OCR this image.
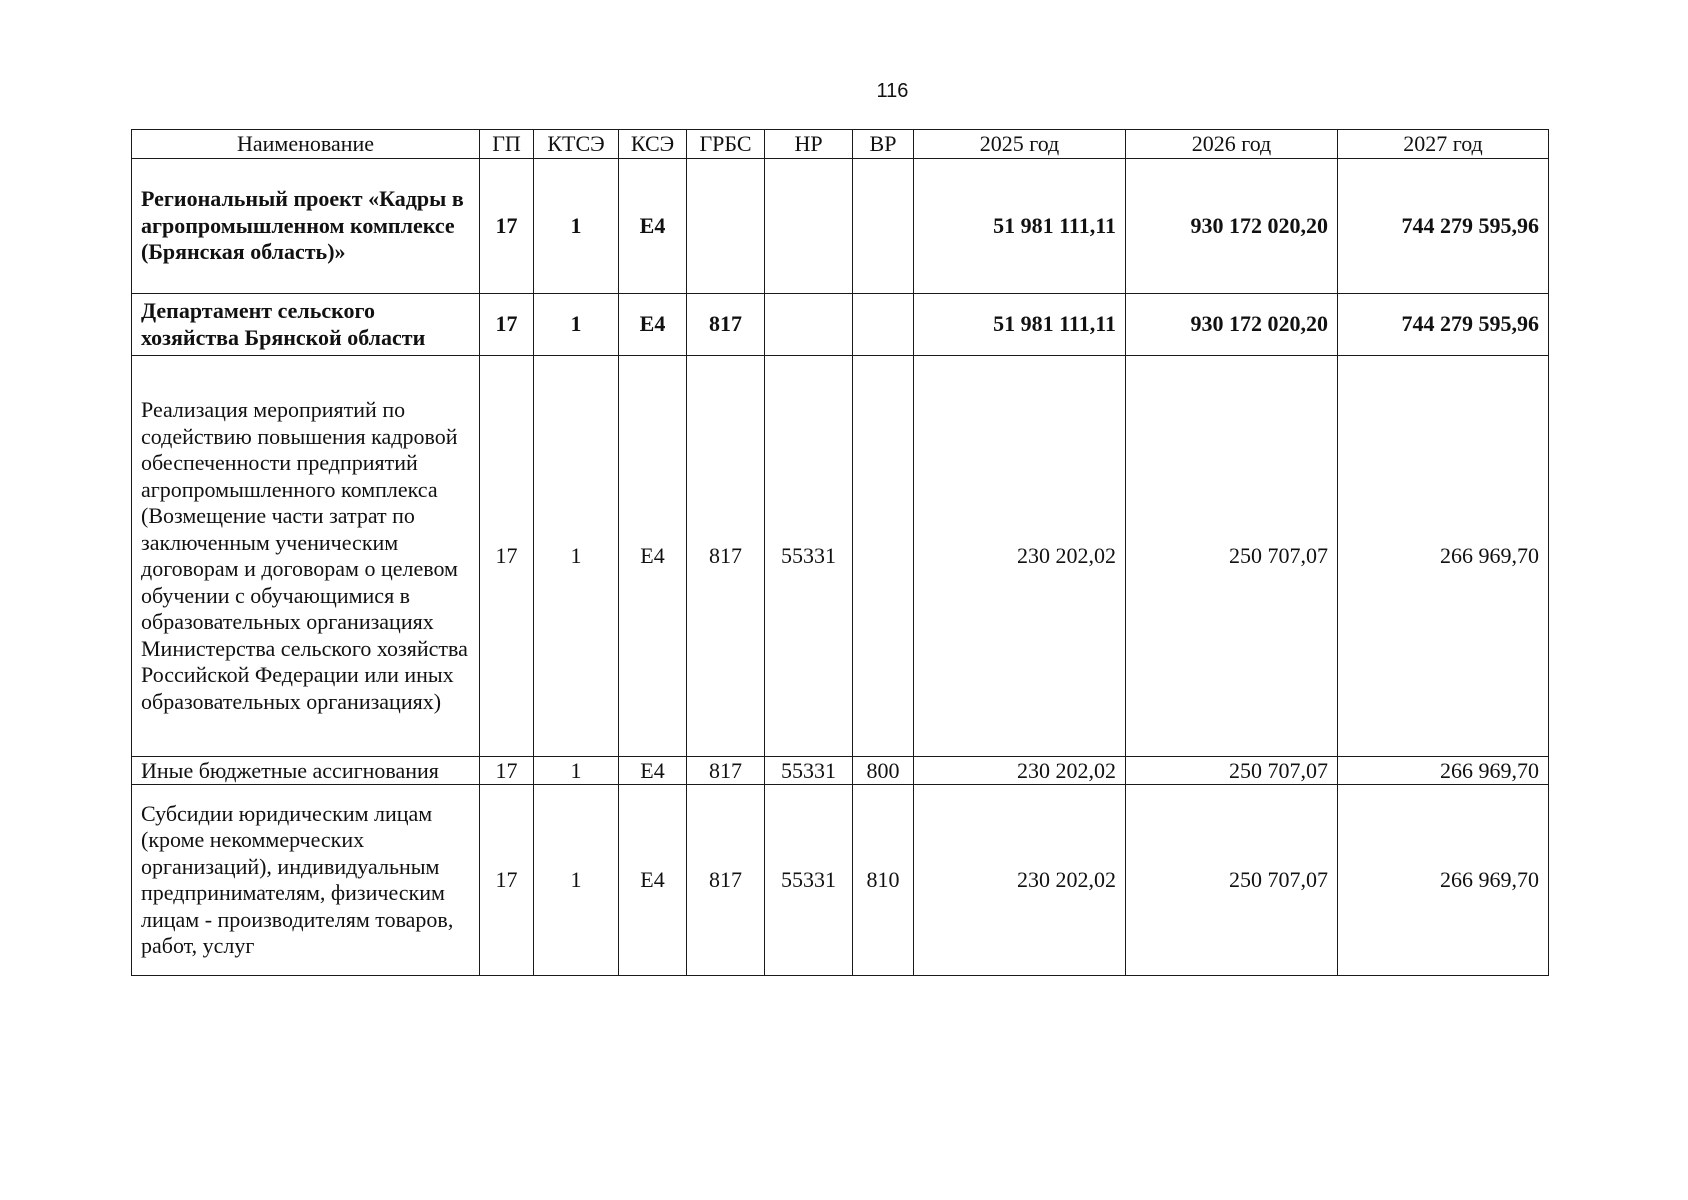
116
Наименование	ГП	КТСЭ	КСЭ	ГРБС	НР	ВР	2025 год	2026 год	2027 год
Региональный проект «Кадры в агропромышленном комплексе (Брянская область)»	17	1	Е4				51 981 111,11	930 172 020,20	744 279 595,96
Департамент сельского хозяйства Брянской области	17	1	Е4	817			51 981 111,11	930 172 020,20	744 279 595,96
Реализация мероприятий по содействию повышения кадровой обеспеченности предприятий агропромышленного комплекса (Возмещение части затрат по заключенным ученическим договорам и договорам о целевом обучении с обучающимися в образовательных организациях Министерства сельского хозяйства Российской Федерации или иных образовательных организациях)	17	1	Е4	817	55331		230 202,02	250 707,07	266 969,70
Иные бюджетные ассигнования	17	1	Е4	817	55331	800	230 202,02	250 707,07	266 969,70
Субсидии юридическим лицам (кроме некоммерческих организаций), индивидуальным предпринимателям, физическим лицам - производителям товаров, работ, услуг	17	1	Е4	817	55331	810	230 202,02	250 707,07	266 969,70
